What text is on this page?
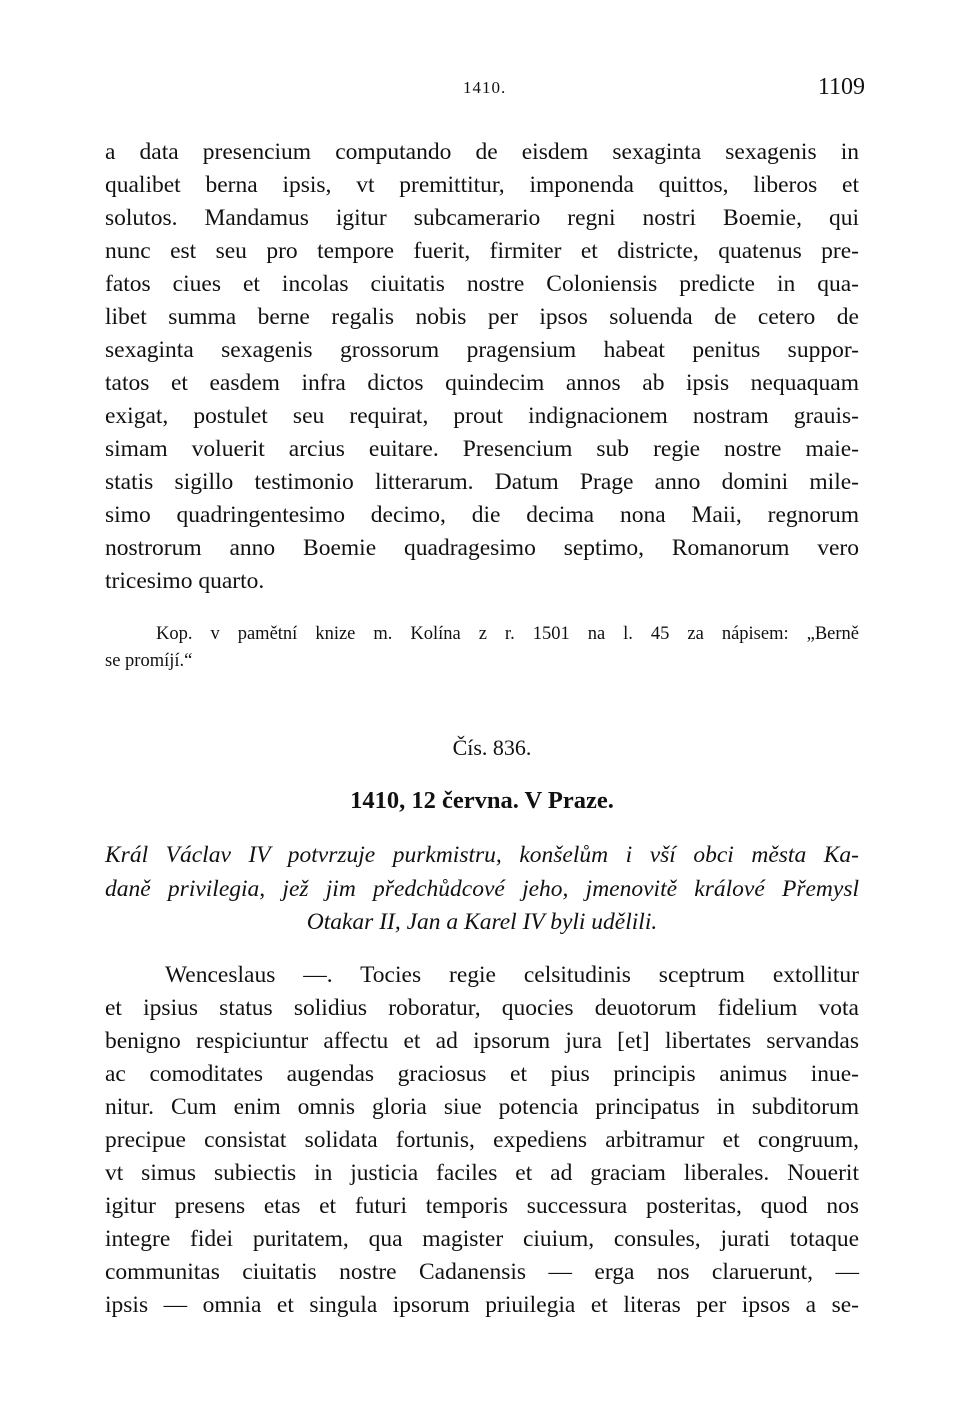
1410.	1109
a data presencium computando de eisdem sexaginta sexagenis in
qualibet berna ipsis, vt premittitur, imponenda quittos, liberos et
solutos. Mandamus igitur subcamerario regni nostri Boemie, qui
nunc est seu pro tempore fuerit, firmiter et districte, quatenus pre-
fatos ciues et incolas ciuitatis nostre Coloniensis predicte in qua-
libet summa berne regalis nobis per ipsos soluenda de cetero de
sexaginta sexagenis grossorum pragensium habeat penitus suppor-
tatos et easdem infra dictos quindecim annos ab ipsis nequaquam
exigat, postulet seu requirat, prout indignacionem nostram grauis-
simam voluerit arcius euitare. Presencium sub regie nostre maie-
statis sigillo testimonio litterarum. Datum Prage anno domini mile-
simo quadringentesimo decimo, die decima nona Maii, regnorum
nostrorum anno Boemie quadragesimo septimo, Romanorum vero
tricesimo quarto.
Kop. v pamětní knize m. Kolína z r. 1501 na l. 45 za nápisem: „Berně
se promíjí.“
Čís. 836.
1410, 12 června. V Praze.
Král Václav IV potvrzuje purkmistru, konšelům i vší obci města Ka-
daně privilegia, jež jim předchůdcové jeho, jmenovitě králové Přemysl
Otakar II, Jan a Karel IV byli udělili.
Wenceslaus —. Tocies regie celsitudinis sceptrum extollitur
et ipsius status solidius roboratur, quocies deuotorum fidelium vota
benigno respiciuntur affectu et ad ipsorum jura [et] libertates servandas
ac comoditates augendas graciosus et pius principis animus inue-
nitur. Cum enim omnis gloria siue potencia principatus in subditorum
precipue consistat solidata fortunis, expediens arbitramur et congruum,
vt simus subiectis in justicia faciles et ad graciam liberales. Nouerit
igitur presens etas et futuri temporis successura posteritas, quod nos
integre fidei puritatem, qua magister ciuium, consules, jurati totaque
communitas ciuitatis nostre Cadanensis — erga nos claruerunt, —
ipsis — omnia et singula ipsorum priuilegia et literas per ipsos a se-
